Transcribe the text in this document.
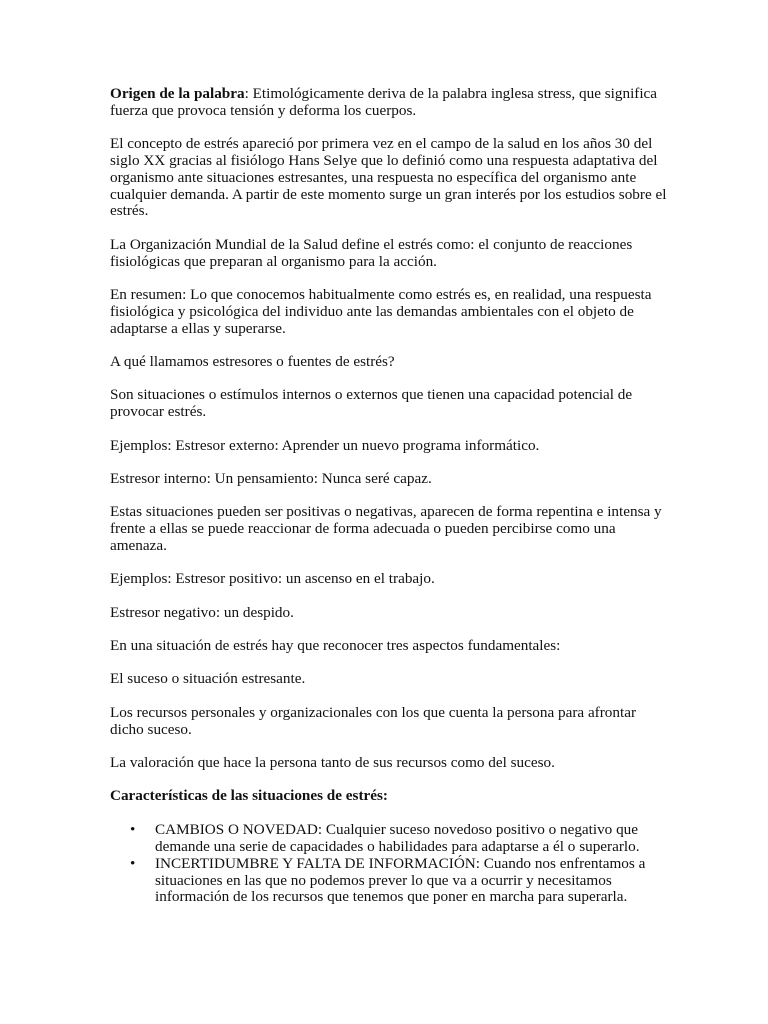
Origen de la palabra: Etimológicamente deriva de la palabra inglesa stress, que significa fuerza que provoca tensión y deforma los cuerpos.

El concepto de estrés apareció por primera vez en el campo de la salud en los años 30 del siglo XX gracias al fisiólogo Hans Selye que lo definió como una respuesta adaptativa del organismo ante situaciones estresantes, una respuesta no específica del organismo ante cualquier demanda. A partir de este momento surge un gran interés por los estudios sobre el estrés.

La Organización Mundial de la Salud define el estrés como: el conjunto de reacciones fisiológicas que preparan al organismo para la acción.

En resumen: Lo que conocemos habitualmente como estrés es, en realidad, una respuesta fisiológica y psicológica del individuo ante las demandas ambientales con el objeto de adaptarse a ellas y superarse.

A qué llamamos estresores o fuentes de estrés?

Son situaciones o estímulos internos o externos que tienen una capacidad potencial de provocar estrés.

Ejemplos: Estresor externo: Aprender un nuevo programa informático.

Estresor interno: Un pensamiento: Nunca seré capaz.

Estas situaciones pueden ser positivas o negativas, aparecen de forma repentina e intensa y frente a ellas se puede reaccionar de forma adecuada o pueden percibirse como una amenaza.

Ejemplos: Estresor positivo: un ascenso en el trabajo.

Estresor negativo: un despido.

En una situación de estrés hay que reconocer tres aspectos fundamentales:

El suceso o situación estresante.

Los recursos personales y organizacionales con los que cuenta la persona para afrontar dicho suceso.

La valoración que hace la persona tanto de sus recursos como del suceso.

Características de las situaciones de estrés:

• CAMBIOS O NOVEDAD: Cualquier suceso novedoso positivo o negativo que demande una serie de capacidades o habilidades para adaptarse a él o superarlo.
• INCERTIDUMBRE Y FALTA DE INFORMACIÓN: Cuando nos enfrentamos a situaciones en las que no podemos prever lo que va a ocurrir y necesitamos información de los recursos que tenemos que poner en marcha para superarla.
